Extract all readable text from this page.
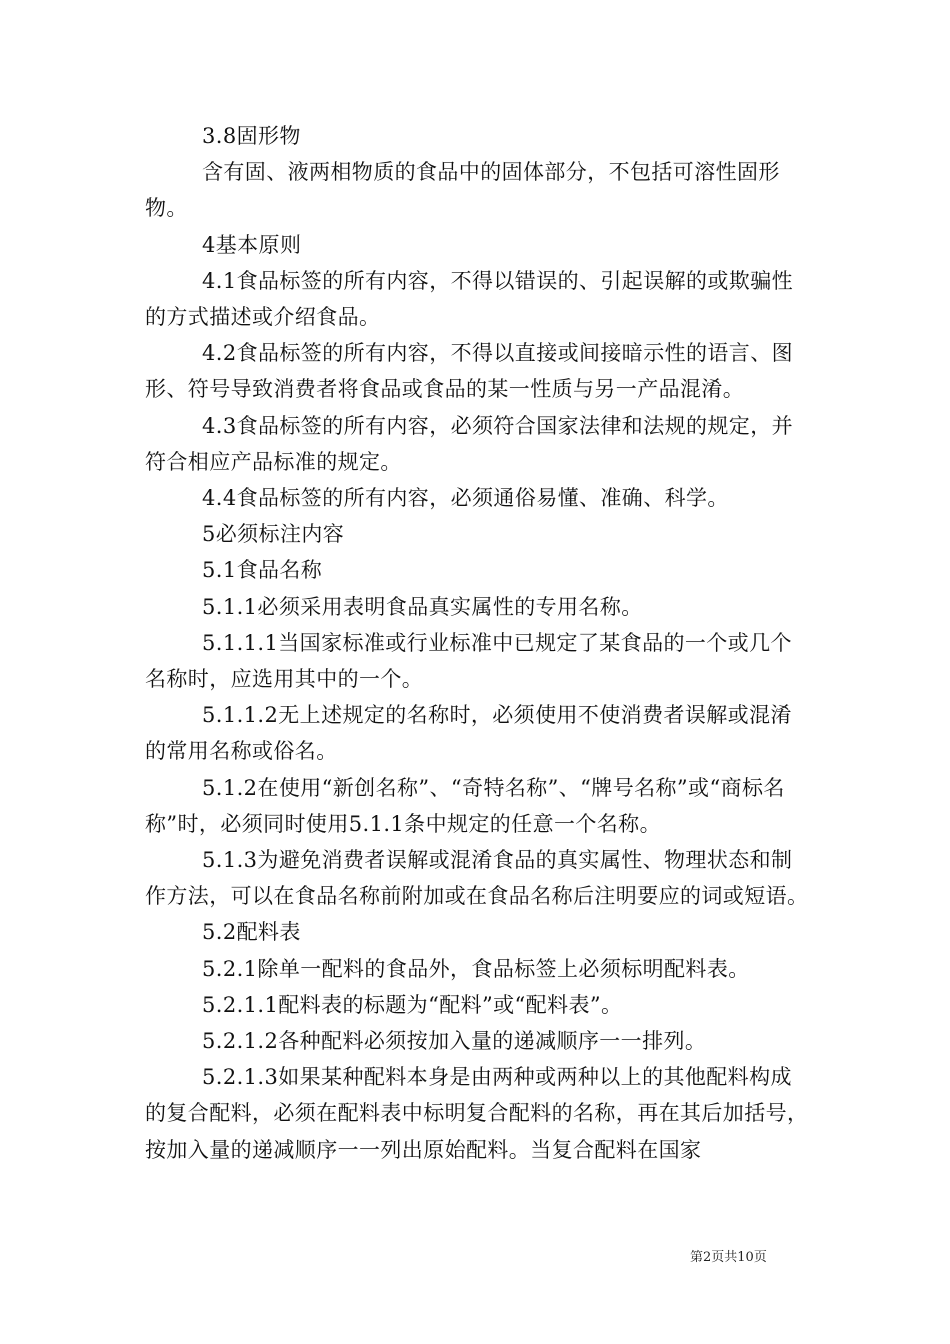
3.8固形物

含有固、液两相物质的食品中的固体部分，不包括可溶性固形物。

4基本原则

4.1食品标签的所有内容，不得以错误的、引起误解的或欺骗性的方式描述或介绍食品。

4.2食品标签的所有内容，不得以直接或间接暗示性的语言、图形、符号导致消费者将食品或食品的某一性质与另一产品混淆。

4.3食品标签的所有内容，必须符合国家法律和法规的规定，并符合相应产品标准的规定。

4.4食品标签的所有内容，必须通俗易懂、准确、科学。

5必须标注内容

5.1食品名称

5.1.1必须采用表明食品真实属性的专用名称。

5.1.1.1当国家标准或行业标准中已规定了某食品的一个或几个名称时，应选用其中的一个。

5.1.1.2无上述规定的名称时，必须使用不使消费者误解或混淆的常用名称或俗名。

5.1.2在使用“新创名称”、“奇特名称”、“牌号名称”或“商标名称”时，必须同时使用5.1.1条中规定的任意一个名称。

5.1.3为避免消费者误解或混淆食品的真实属性、物理状态和制作方法，可以在食品名称前附加或在食品名称后注明要应的词或短语。

5.2配料表

5.2.1除单一配料的食品外，食品标签上必须标明配料表。

5.2.1.1配料表的标题为“配料”或“配料表”。

5.2.1.2各种配料必须按加入量的递减顺序一一排列。

5.2.1.3如果某种配料本身是由两种或两种以上的其他配料构成的复合配料，必须在配料表中标明复合配料的名称，再在其后加括号，按加入量的递减顺序一一列出原始配料。当复合配料在国家

第2页共10页
